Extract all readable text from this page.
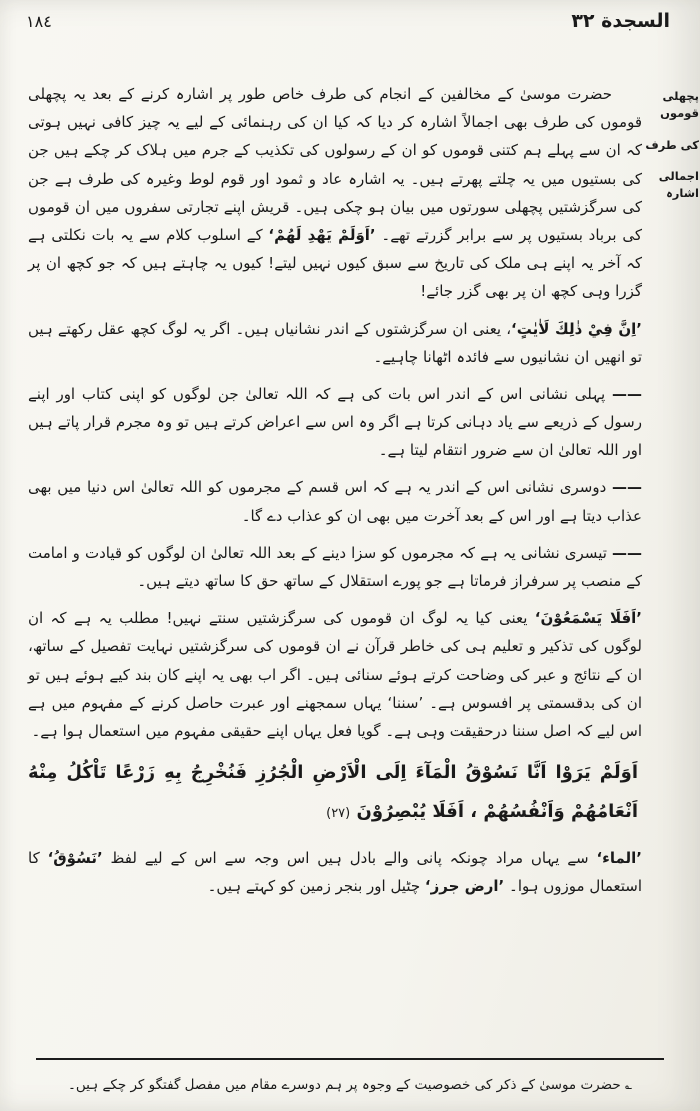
السجدة ٣٢
١٨٤
پچھلی قوموں
کی طرف
اجمالی اشارہ

حضرت موسیٰ کے مخالفین کے انجام کی طرف خاص طور پر اشارہ کرنے کے بعد یہ پچھلی قوموں کی طرف بھی اجمالاً اشارہ کر دیا کہ کیا ان کی رہنمائی کے لیے یہ چیز کافی نہیں ہوتی کہ ان سے پہلے ہم کتنی قوموں کو ان کے رسولوں کی تکذیب کے جرم میں ہلاک کر چکے ہیں جن کی بستیوں میں یہ چلتے پھرتے ہیں۔ یہ اشارہ عاد و ثمود اور قوم لوط وغیرہ کی طرف ہے جن کی سرگزشتیں پچھلی سورتوں میں بیان ہو چکی ہیں۔ قریش اپنے تجارتی سفروں میں ان قوموں کی برباد بستیوں پر سے برابر گزرتے تھے۔ ’اَوَلَمْ يَهْدِ لَهُمْ‘ کے اسلوب کلام سے یہ بات نکلتی ہے کہ آخر یہ اپنے ہی ملک کی تاریخ سے سبق کیوں نہیں لیتے! کیوں یہ چاہتے ہیں کہ جو کچھ ان پر گزرا وہی کچھ ان پر بھی گزر جائے!

’اِنَّ فِيْ ذٰلِكَ لَاٰيٰتٍ‘، یعنی ان سرگزشتوں کے اندر نشانیاں ہیں۔ اگر یہ لوگ کچھ عقل رکھتے ہیں تو انھیں ان نشانیوں سے فائدہ اٹھانا چاہیے۔

—— پہلی نشانی اس کے اندر اس بات کی ہے کہ اللہ تعالیٰ جن لوگوں کو اپنی کتاب اور اپنے رسول کے ذریعے سے یاد دہانی کرتا ہے اگر وہ اس سے اعراض کرتے ہیں تو وہ مجرم قرار پاتے ہیں اور اللہ تعالیٰ ان سے ضرور انتقام لیتا ہے۔

—— دوسری نشانی اس کے اندر یہ ہے کہ اس قسم کے مجرموں کو اللہ تعالیٰ اس دنیا میں بھی عذاب دیتا ہے اور اس کے بعد آخرت میں بھی ان کو عذاب دے گا۔

—— تیسری نشانی یہ ہے کہ مجرموں کو سزا دینے کے بعد اللہ تعالیٰ ان لوگوں کو قیادت و امامت کے منصب پر سرفراز فرماتا ہے جو پورے استقلال کے ساتھ حق کا ساتھ دیتے ہیں۔

’اَفَلَا يَسْمَعُوْنَ‘ یعنی کیا یہ لوگ ان قوموں کی سرگزشتیں سنتے نہیں! مطلب یہ ہے کہ ان لوگوں کی تذکیر و تعلیم ہی کی خاطر قرآن نے ان قوموں کی سرگزشتیں نہایت تفصیل کے ساتھ، ان کے نتائج و عبر کی وضاحت کرتے ہوئے سنائی ہیں۔ اگر اب بھی یہ اپنے کان بند کیے ہوئے ہیں تو ان کی بدقسمتی پر افسوس ہے۔ ’سننا‘ یہاں سمجھنے اور عبرت حاصل کرنے کے مفہوم میں ہے اس لیے کہ اصل سننا درحقیقت وہی ہے۔ گویا فعل یہاں اپنے حقیقی مفہوم میں استعمال ہوا ہے۔

اَوَلَمْ يَرَوْا اَنَّا نَسُوْقُ الْمَآءَ اِلَى الْاَرْضِ الْجُرُزِ فَنُخْرِجُ بِهِ زَرْعًا تَاْكُلُ مِنْهُ اَنْعَامُهُمْ وَاَنْفُسُهُمْ ، اَفَلَا يُبْصِرُوْنَ (٢٧)

’الماء‘ سے یہاں مراد چونکہ پانی والے بادل ہیں اس وجہ سے اس کے لیے لفظ ’نَسُوْقُ‘ کا استعمال موزوں ہوا۔ ’ارض جرز‘ چٹیل اور بنجر زمین کو کہتے ہیں۔

؎ حضرت موسیٰ کے ذکر کی خصوصیت کے وجوہ پر ہم دوسرے مقام میں مفصل گفتگو کر چکے ہیں۔
